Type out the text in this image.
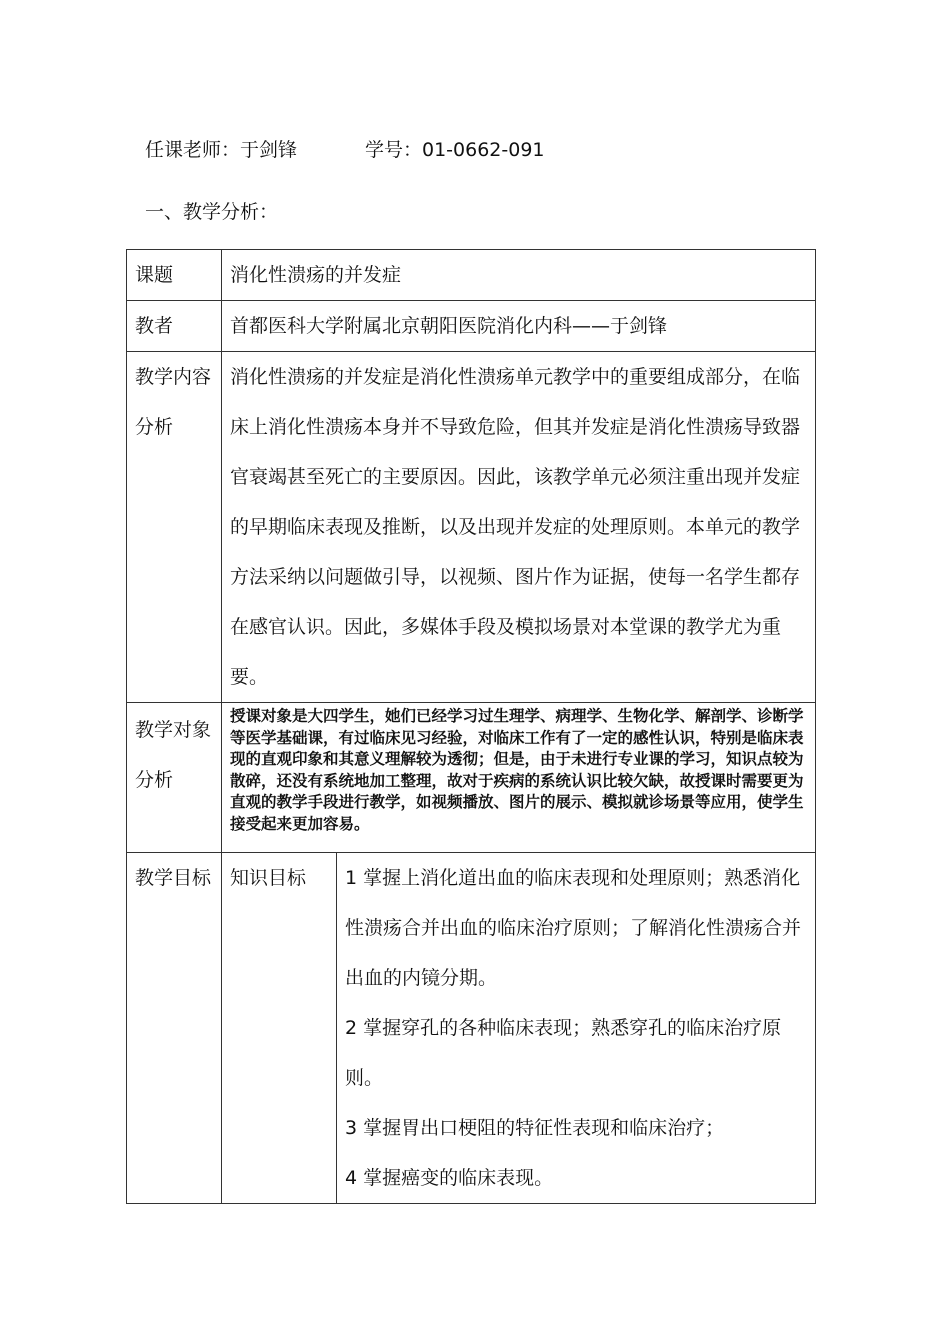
任课老师：于剑锋	学号：01-0662-091
一、教学分析：
课题	消化性溃疡的并发症	
教者	首都医科大学附属北京朝阳医院消化内科——于剑锋	
教学内容分析	消化性溃疡的并发症是消化性溃疡单元教学中的重要组成部分，在临床上消化性溃疡本身并不导致危险，但其并发症是消化性溃疡导致器官衰竭甚至死亡的主要原因。因此，该教学单元必须注重出现并发症的早期临床表现及推断，以及出现并发症的处理原则。本单元的教学方法采纳以问题做引导，以视频、图片作为证据，使每一名学生都存在感官认识。因此，多媒体手段及模拟场景对本堂课的教学尤为重要。	
教学对象分析	授课对象是大四学生，她们已经学习过生理学、病理学、生物化学、解剖学、诊断学等医学基础课，有过临床见习经验，对临床工作有了一定的感性认识，特别是临床表现的直观印象和其意义理解较为透彻；但是，由于未进行专业课的学习，知识点较为散碎，还没有系统地加工整理，故对于疾病的系统认识比较欠缺，故授课时需要更为直观的教学手段进行教学，如视频播放、图片的展示、模拟就诊场景等应用，使学生接受起来更加容易。	
教学目标	知识目标	1 掌握上消化道出血的临床表现和处理原则；熟悉消化性溃疡合并出血的临床治疗原则；了解消化性溃疡合并出血的内镜分期。
2 掌握穿孔的各种临床表现；熟悉穿孔的临床治疗原则。
3 掌握胃出口梗阻的特征性表现和临床治疗；
4 掌握癌变的临床表现。
